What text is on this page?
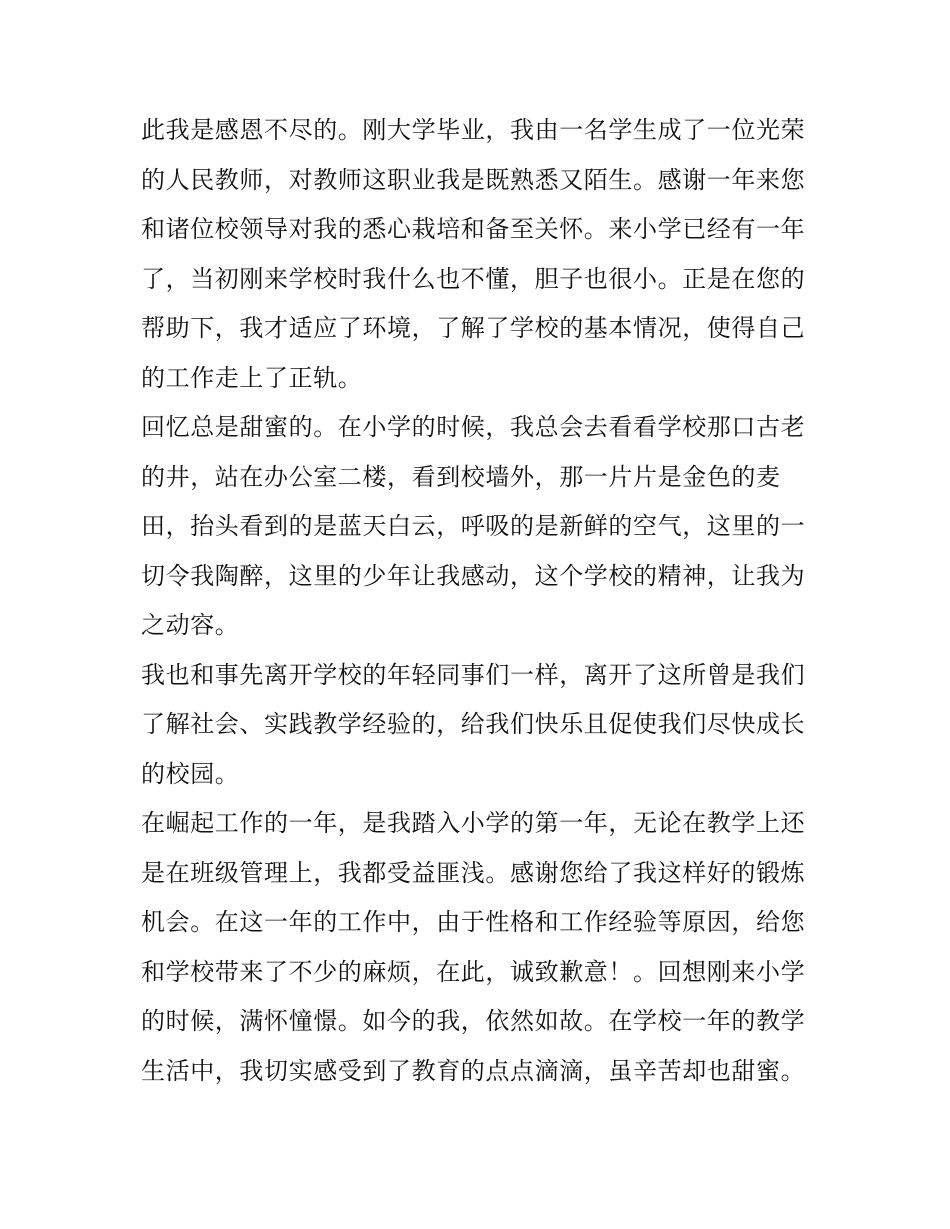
此我是感恩不尽的。刚大学毕业，我由一名学生成了一位光荣
的人民教师，对教师这职业我是既熟悉又陌生。感谢一年来您
和诸位校领导对我的悉心栽培和备至关怀。来小学已经有一年
了，当初刚来学校时我什么也不懂，胆子也很小。正是在您的
帮助下，我才适应了环境，了解了学校的基本情况，使得自己
的工作走上了正轨。
回忆总是甜蜜的。在小学的时候，我总会去看看学校那口古老
的井，站在办公室二楼，看到校墙外，那一片片是金色的麦
田，抬头看到的是蓝天白云，呼吸的是新鲜的空气，这里的一
切令我陶醉，这里的少年让我感动，这个学校的精神，让我为
之动容。
我也和事先离开学校的年轻同事们一样，离开了这所曾是我们
了解社会、实践教学经验的，给我们快乐且促使我们尽快成长
的校园。
在崛起工作的一年，是我踏入小学的第一年，无论在教学上还
是在班级管理上，我都受益匪浅。感谢您给了我这样好的锻炼
机会。在这一年的工作中，由于性格和工作经验等原因，给您
和学校带来了不少的麻烦，在此，诚致歉意！。回想刚来小学
的时候，满怀憧憬。如今的我，依然如故。在学校一年的教学
生活中，我切实感受到了教育的点点滴滴，虽辛苦却也甜蜜。
